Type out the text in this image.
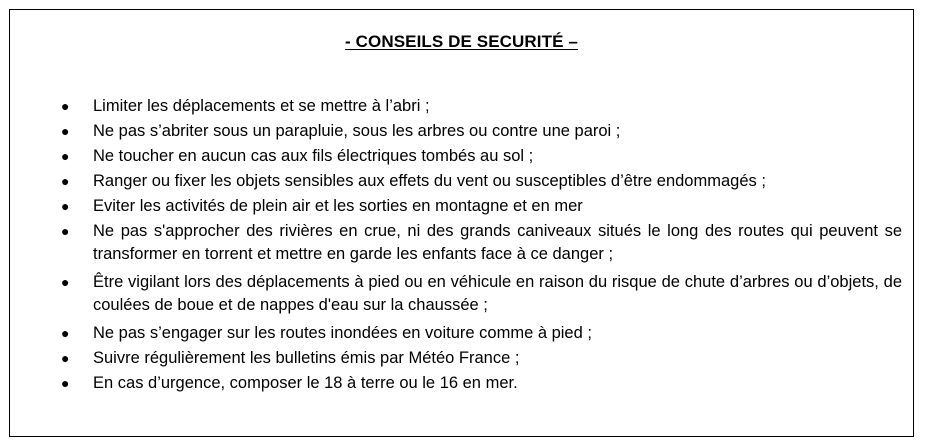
- CONSEILS DE SECURITÉ –
● Limiter les déplacements et se mettre à l’abri ;
● Ne pas s’abriter sous un parapluie, sous les arbres ou contre une paroi ;
● Ne toucher en aucun cas aux fils électriques tombés au sol ;
● Ranger ou fixer les objets sensibles aux effets du vent ou susceptibles d’être endommagés ;
● Eviter les activités de plein air et les sorties en montagne et en mer
● Ne pas s'approcher des rivières en crue, ni des grands caniveaux situés le long des routes qui peuvent se transformer en torrent et mettre en garde les enfants face à ce danger ;
● Être vigilant lors des déplacements à pied ou en véhicule en raison du risque de chute d’arbres ou d’objets, de coulées de boue et de nappes d'eau sur la chaussée ;
● Ne pas s’engager sur les routes inondées en voiture comme à pied ;
● Suivre régulièrement les bulletins émis par Météo France ;
● En cas d’urgence, composer le 18 à terre ou le 16 en mer.
